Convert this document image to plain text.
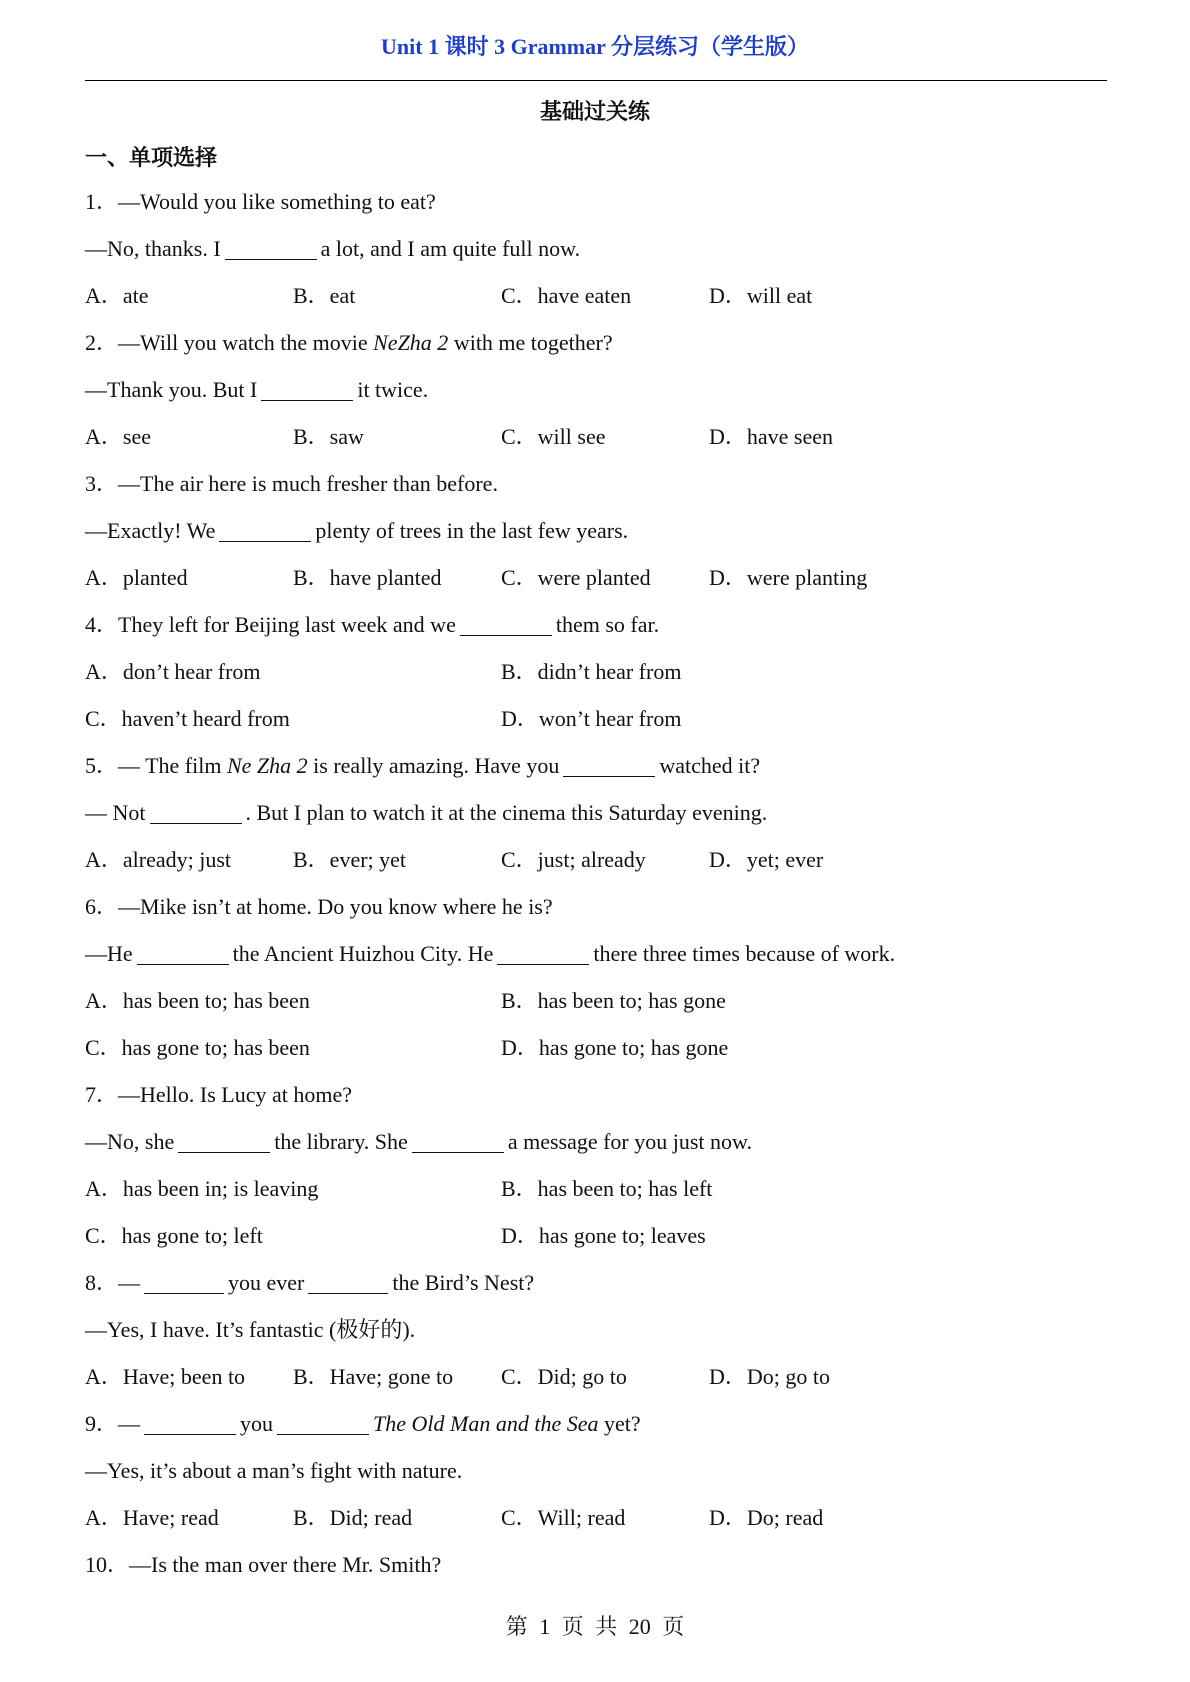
Unit 1 课时 3 Grammar 分层练习（学生版）
基础过关练
一、单项选择
1．—Would you like something to eat?
—No, thanks. I	a lot, and I am quite full now.
A．ate	B．eat	C．have eaten	D．will eat
2．—Will you watch the movie NeZha 2 with me together?
—Thank you. But I	it twice.
A．see	B．saw	C．will see	D．have seen
3．—The air here is much fresher than before.
—Exactly! We	plenty of trees in the last few years.
A．planted	B．have planted	C．were planted	D．were planting
4．They left for Beijing last week and we	them so far.
A．don’t hear from	B．didn’t hear from
C．haven’t heard from	D．won’t hear from
5．— The film Ne Zha 2 is really amazing. Have you	watched it?
— Not	. But I plan to watch it at the cinema this Saturday evening.
A．already; just	B．ever; yet	C．just; already	D．yet; ever
6．—Mike isn’t at home. Do you know where he is?
—He	the Ancient Huizhou City. He	there three times because of work.
A．has been to; has been	B．has been to; has gone
C．has gone to; has been	D．has gone to; has gone
7．—Hello. Is Lucy at home?
—No, she	the library. She	a message for you just now.
A．has been in; is leaving	B．has been to; has left
C．has gone to; left	D．has gone to; leaves
8．—	you ever	the Bird’s Nest?
—Yes, I have. It’s fantastic (极好的).
A．Have; been to	B．Have; gone to	C．Did; go to	D．Do; go to
9．—	you	The Old Man and the Sea yet?
—Yes, it’s about a man’s fight with nature.
A．Have; read	B．Did; read	C．Will; read	D．Do; read
10．—Is the man over there Mr. Smith?
第 1 页 共 20 页
